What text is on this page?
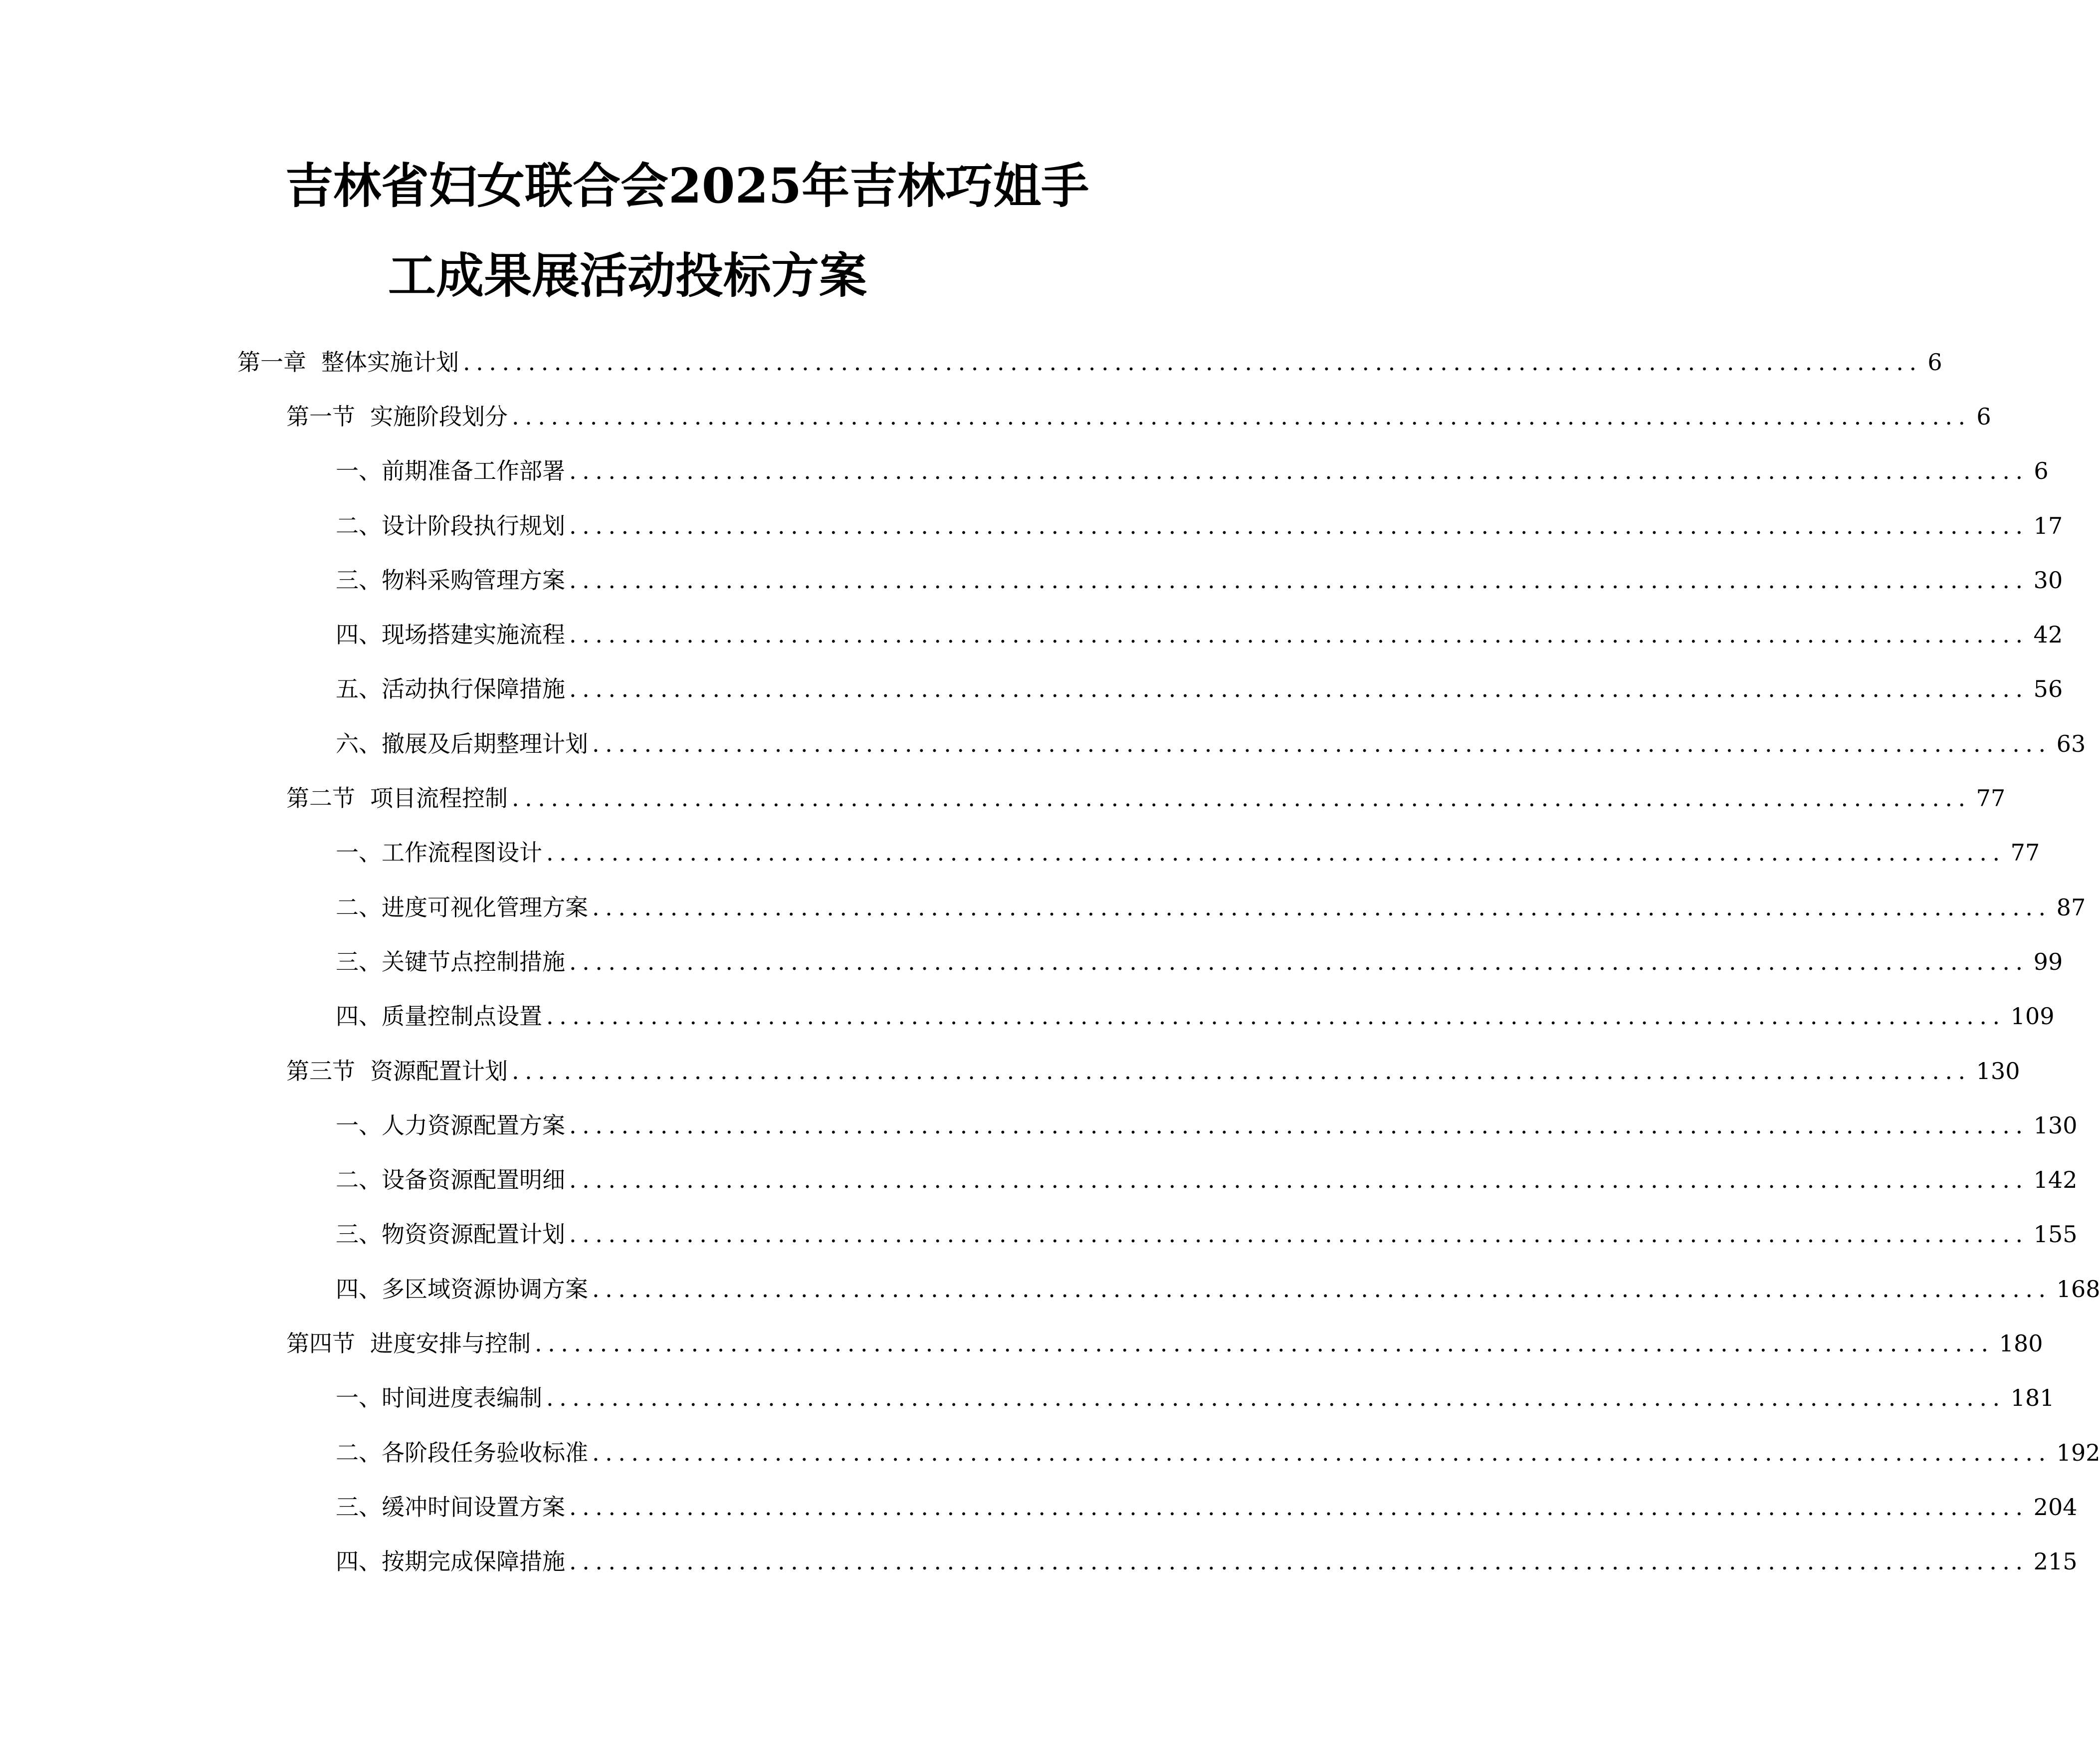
吉林省妇女联合会2025年吉林巧姐手
工成果展活动投标方案
第一章 整体实施计划 ................................................................................................................ 6
第一节 实施阶段划分 ................................................................................................................ 6
一、 前期准备工作部署 ................................................................................................................ 6
二、 设计阶段执行规划 ................................................................................................................ 17
三、 物料采购管理方案 ................................................................................................................ 30
四、 现场搭建实施流程 ................................................................................................................ 42
五、 活动执行保障措施 ................................................................................................................ 56
六、 撤展及后期整理计划 ................................................................................................................ 63
第二节 项目流程控制 ................................................................................................................ 77
一、 工作流程图设计 ................................................................................................................ 77
二、 进度可视化管理方案 ................................................................................................................ 87
三、 关键节点控制措施 ................................................................................................................ 99
四、 质量控制点设置 ................................................................................................................ 109
第三节 资源配置计划 ................................................................................................................ 130
一、 人力资源配置方案 ................................................................................................................ 130
二、 设备资源配置明细 ................................................................................................................ 142
三、 物资资源配置计划 ................................................................................................................ 155
四、 多区域资源协调方案 ................................................................................................................ 168
第四节 进度安排与控制 ................................................................................................................ 180
一、 时间进度表编制 ................................................................................................................ 181
二、 各阶段任务验收标准 ................................................................................................................ 192
三、 缓冲时间设置方案 ................................................................................................................ 204
四、 按期完成保障措施 ................................................................................................................ 215
